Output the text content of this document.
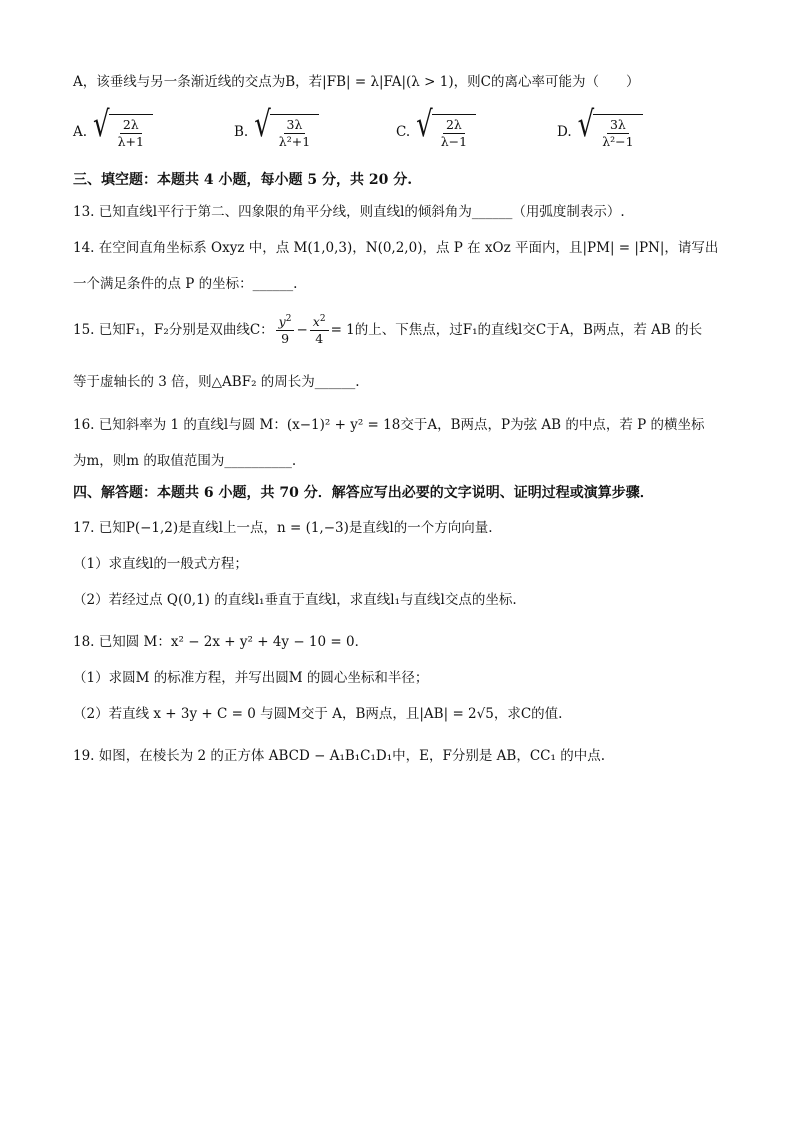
A，该垂线与另一条渐近线的交点为B，若|FB| = λ|FA|(λ > 1)，则C的离心率可能为（　　）
A. √ $\frac{2\lambda}{\lambda+1}$	B. √ $\frac{3\lambda}{\text{λ²+1}}$	C. √ $\frac{2\lambda}{\lambda-1}$	D. √ $\frac{3\lambda}{\text{λ²−1}}$
三、填空题：本题共 4 小题，每小题 5 分，共 20 分.
13. 已知直线l平行于第二、四象限的角平分线，则直线l的倾斜角为______（用弧度制表示）.
14. 在空间直角坐标系 Oxyz 中，点 M(1,0,3)，N(0,2,0)，点 P 在 xOz 平面内，且|PM| = |PN|，请写出
一个满足条件的点 P 的坐标：______.
15. 已知F₁，F₂分别是双曲线C： $\frac{y^2}{9} - \frac{x^2}{4} = 1$ 的上、下焦点，过F₁的直线l交C于A，B两点，若 AB 的长
等于虚轴长的 3 倍，则△ABF₂ 的周长为______.
16. 已知斜率为 1 的直线l与圆 M：(x−1)² + y² = 18交于A，B两点，P为弦 AB 的中点，若 P 的横坐标
为m，则m 的取值范围为__________.
四、解答题：本题共 6 小题，共 70 分．解答应写出必要的文字说明、证明过程或演算步骤．
17. 已知P(−1,2)是直线l上一点，n = (1,−3)是直线l的一个方向向量.
（1）求直线l的一般式方程；
（2）若经过点 Q(0,1) 的直线l₁垂直于直线l，求直线l₁与直线l交点的坐标.
18. 已知圆 M：x² − 2x + y² + 4y − 10 = 0．
（1）求圆M 的标准方程，并写出圆M 的圆心坐标和半径；
（2）若直线 x + 3y + C = 0 与圆M交于 A，B两点，且|AB| = 2√5，求C的值.
19. 如图，在棱长为 2 的正方体 ABCD − A₁B₁C₁D₁中，E，F分别是 AB，CC₁ 的中点.
